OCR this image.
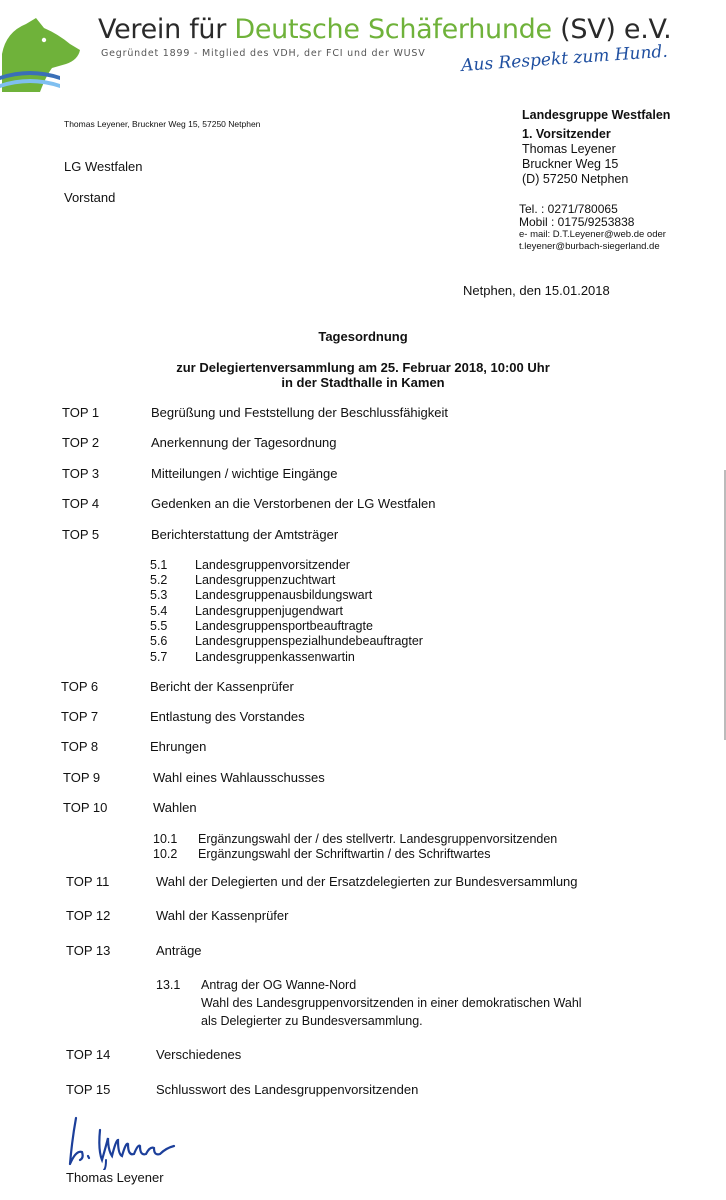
Verein für Deutsche Schäferhunde (SV) e.V.
Gegründet 1899 - Mitglied des VDH, der FCI und der WUSV Aus Respekt zum Hund.
Thomas Leyener, Bruckner Weg 15, 57250 Netphen
LG Westfalen
Vorstand
Landesgruppe Westfalen
1. Vorsitzender
Thomas Leyener
Bruckner Weg 15
(D) 57250 Netphen
Tel. : 0271/780065
Mobil : 0175/9253838
e- mail: D.T.Leyener@web.de oder
t.leyener@burbach-siegerland.de
Netphen, den 15.01.2018
Tagesordnung
zur Delegiertenversammlung am 25. Februar 2018, 10:00 Uhr
in der Stadthalle in Kamen
TOP 1	Begrüßung und Feststellung der Beschlussfähigkeit
TOP 2	Anerkennung der Tagesordnung
TOP 3	Mitteilungen / wichtige Eingänge
TOP 4	Gedenken an die Verstorbenen der LG Westfalen
TOP 5	Berichterstattung der Amtsträger
5.1 Landesgruppenvorsitzender
5.2 Landesgruppenzuchtwart
5.3 Landesgruppenausbildungswart
5.4 Landesgruppenjugendwart
5.5 Landesgruppensportbeauftragte
5.6 Landesgruppenspezialhundebeauftragter
5.7 Landesgruppenkassenwartin
TOP 6	Bericht der Kassenprüfer
TOP 7	Entlastung des Vorstandes
TOP 8	Ehrungen
TOP 9	Wahl eines Wahlausschusses
TOP 10	Wahlen
10.1 Ergänzungswahl der / des stellvertr. Landesgruppenvorsitzenden
10.2 Ergänzungswahl der Schriftwartin / des Schriftwartes
TOP 11	Wahl der Delegierten und der Ersatzdelegierten zur Bundesversammlung
TOP 12	Wahl der Kassenprüfer
TOP 13	Anträge
13.1 Antrag der OG Wanne-Nord
Wahl des Landesgruppenvorsitzenden in einer demokratischen Wahl
als Delegierter zu Bundesversammlung.
TOP 14	Verschiedenes
TOP 15	Schlusswort des Landesgruppenvorsitzenden
Thomas Leyener
